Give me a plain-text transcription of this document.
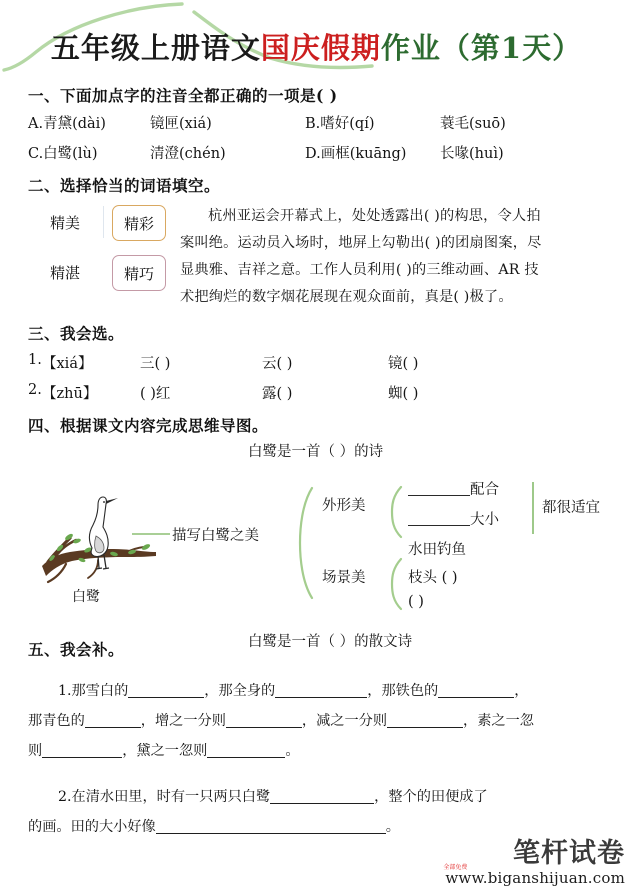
五年级上册语文国庆假期作业（第1天）
一、下面加点字的注音全都正确的一项是( )
A.青黛(dài)	镜匣(xiá)	B.嗜好(qí)	蓑毛(suō)
C.白鹭(lù)	清澄(chén)	D.画框(kuāng) 长喙(huì)
二、选择恰当的词语填空。
精美	精彩
精湛	精巧
杭州亚运会开幕式上，处处透露出( )的构思，令人拍
案叫绝。运动员入场时，地屏上勾勒出( )的团扇图案，尽
显典雅、吉祥之意。工作人员利用( )的三维动画、AR 技
术把绚烂的数字烟花展现在观众面前，真是( )极了。
三、我会选。
1. 【xiá】	三( )	云( )	镜( )
2. 【zhū】	( )红	露( )	蜘( )
四、根据课文内容完成思维导图。
白鹭是一首（ ）的诗

白鹭
描写白鹭之美
外形美
配合
大小
都很适宜
水田钓鱼
场景美	枝头 ( )
( )
白鹭是一首（ ）的散文诗
五、我会补。
1.那雪白的	，那全身的	，那铁色的	，
那青色的	，增之一分则	，减之一分则	，素之一忽
则	，黛之一忽则	。
2.在清水田里，时有一只两只白鹭	，整个的田便成了
的画。田的大小好像	。
笔杆试卷
全部免费
www.biganshijuan.com
